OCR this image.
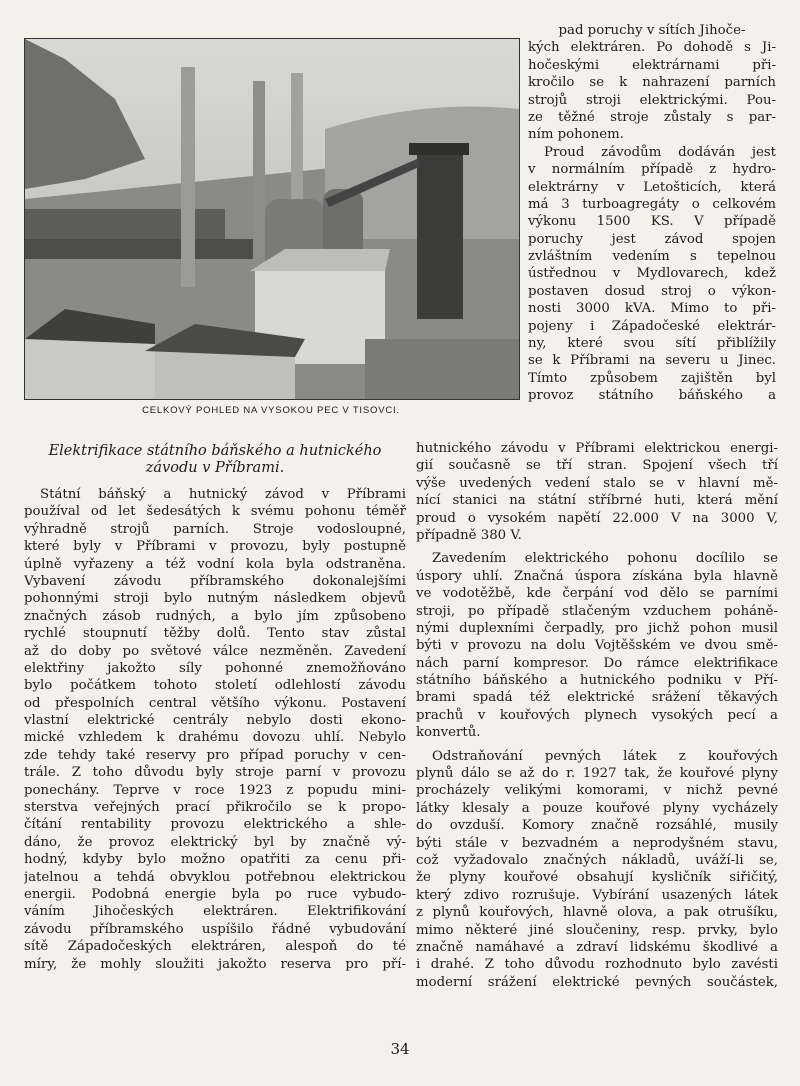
CELKOVÝ POHLED NA VYSOKOU PEC V TISOVCI.
Elektrifikace státního báňského a hutnického
závodu v Příbrami.
pad poruchy v sítích Jihoče-
kých elektráren. Po dohodě s Ji-
hočeskými elektrárnami při-
kročilo se k nahrazení parních
strojů stroji elektrickými. Pou-
ze těžné stroje zůstaly s par-
ním pohonem.
Proud závodům dodáván jest
v normálním případě z hydro-
elektrárny v Letošticích, která
má 3 turboagregáty o celkovém
výkonu 1500 KS. V případě
poruchy jest závod spojen
zvláštním vedením s tepelnou
ústřednou v Mydlovarech, kdež
postaven dosud stroj o výkon-
nosti 3000 kVA. Mimo to při-
pojeny i Západočeské elektrár-
ny, které svou sítí přiblížily
se k Příbrami na severu u Jinec.
Tímto způsobem zajištěn byl
provoz státního báňského a
Státní báňský a hutnický závod v Příbrami
používal od let šedesátých k svému pohonu téměř
výhradně strojů parních. Stroje vodosloupné,
které byly v Příbrami v provozu, byly postupně
úplně vyřazeny a též vodní kola byla odstraněna.
Vybavení závodu příbramského dokonalejšími
pohonnými stroji bylo nutným následkem objevů
značných zásob rudných, a bylo jím způsobeno
rychlé stoupnutí těžby dolů. Tento stav zůstal
až do doby po světové válce nezměněn. Zavedení
elektřiny jakožto síly pohonné znemožňováno
bylo počátkem tohoto století odlehlostí závodu
od přespolních central většího výkonu. Postavení
vlastní elektrické centrály nebylo dosti ekono-
mické vzhledem k drahému dovozu uhlí. Nebylo
zde tehdy také reservy pro případ poruchy v cen-
trále. Z toho důvodu byly stroje parní v provozu
ponechány. Teprve v roce 1923 z popudu mini-
sterstva veřejných prací přikročilo se k propo-
čítání rentability provozu elektrického a shle-
dáno, že provoz elektrický byl by značně vý-
hodný, kdyby bylo možno opatřiti za cenu při-
jatelnou a tehdá obvyklou potřebnou elektrickou
energii. Podobná energie byla po ruce vybudo-
váním Jihočeských elektráren. Elektrifikování
závodu příbramského uspíšilo řádné vybudování
sítě Západočeských elektráren, alespoň do té
míry, že mohly sloužiti jakožto reserva pro pří-
hutnického závodu v Příbrami elektrickou energi-
gií současně se tří stran. Spojení všech tří
výše uvedených vedení stalo se v hlavní mě-
nící stanici na státní stříbrné huti, která mění
proud o vysokém napětí 22.000 V na 3000 V,
případně 380 V.
Zavedením elektrického pohonu docílilo se
úspory uhlí. Značná úspora získána byla hlavně
ve vodotěžbě, kde čerpání vod dělo se parními
stroji, po případě stlačeným vzduchem poháně-
nými duplexními čerpadly, pro jichž pohon musil
býti v provozu na dolu Vojtěšském ve dvou smě-
nách parní kompresor. Do rámce elektrifikace
státního báňského a hutnického podniku v Pří-
brami spadá též elektrické srážení těkavých
prachů v kouřových plynech vysokých pecí a
konvertů.
Odstraňování pevných látek z kouřových
plynů dálo se až do r. 1927 tak, že kouřové plyny
procházely velikými komorami, v nichž pevné
látky klesaly a pouze kouřové plyny vycházely
do ovzduší. Komory značně rozsáhlé, musily
býti stále v bezvadném a neprodyšném stavu,
což vyžadovalo značných nákladů, uváží-li se,
že plyny kouřové obsahují kysličník siřičitý,
který zdivo rozrušuje. Vybírání usazených látek
z plynů kouřových, hlavně olova, a pak otrušíku,
mimo některé jiné sloučeniny, resp. prvky, bylo
značně namáhavé a zdraví lidskému škodlivé a
i drahé. Z toho důvodu rozhodnuto bylo zavésti
moderní srážení elektrické pevných součástek,
34
